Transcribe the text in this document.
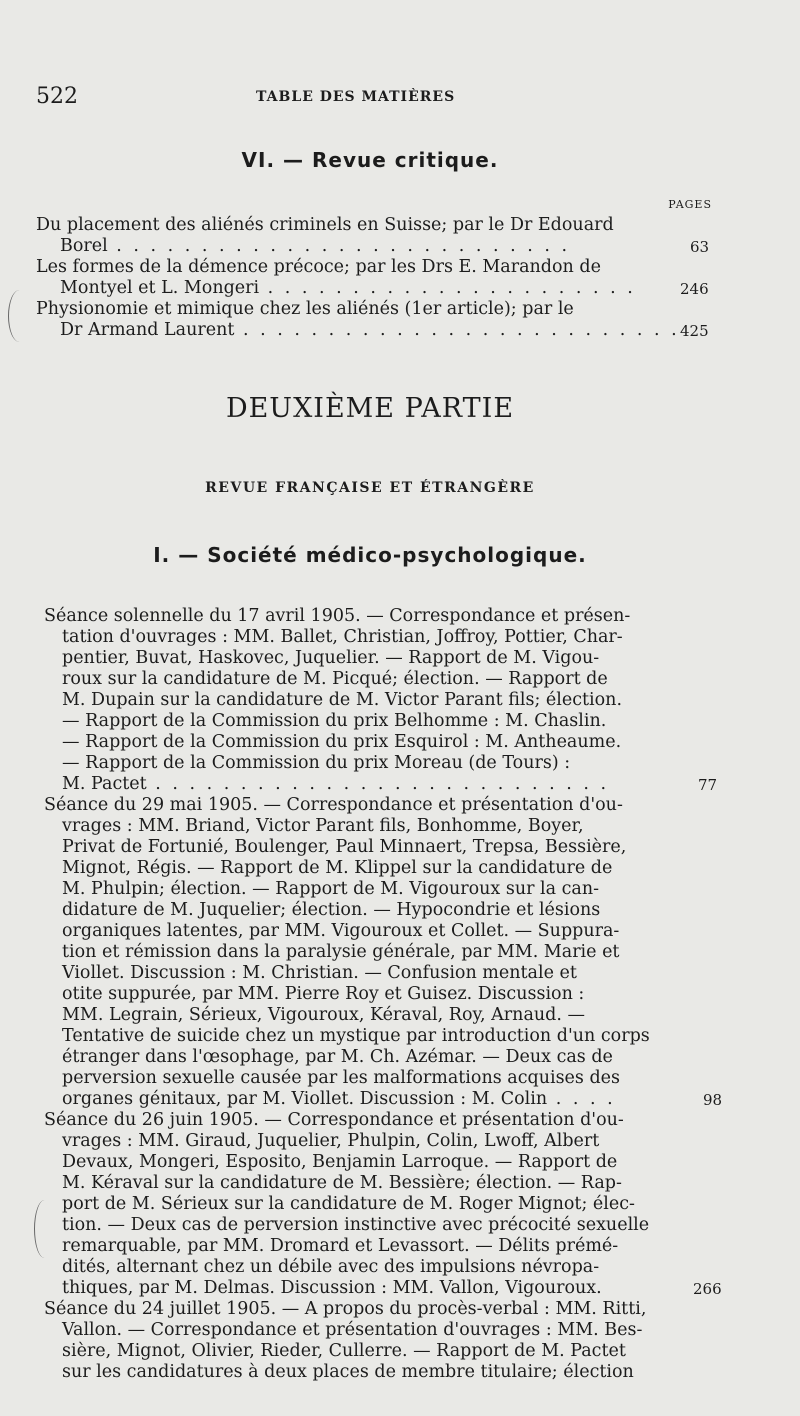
522	TABLE DES MATIÈRES
VI. — Revue critique.
PAGES
Du placement des aliénés criminels en Suisse; par le Dr Edouard
Borel . . . . . . . . . . . . . . . . . . . . . . . . . . .	63
Les formes de la démence précoce; par les Drs E. Marandon de
Montyel et L. Mongeri . . . . . . . . . . . . . . . . . . . . . .	246
Physionomie et mimique chez les aliénés (1er article); par le
Dr Armand Laurent . . . . . . . . . . . . . . . . . . . . . . . . . . 425
DEUXIÈME PARTIE
REVUE FRANÇAISE ET ÉTRANGÈRE
I. — Société médico-psychologique.
Séance solennelle du 17 avril 1905. — Correspondance et présen-
tation d'ouvrages : MM. Ballet, Christian, Joffroy, Pottier, Char-
pentier, Buvat, Haskovec, Juquelier. — Rapport de M. Vigou-
roux sur la candidature de M. Picqué; élection. — Rapport de
M. Dupain sur la candidature de M. Victor Parant fils; élection.
— Rapport de la Commission du prix Belhomme : M. Chaslin.
— Rapport de la Commission du prix Esquirol : M. Antheaume.
— Rapport de la Commission du prix Moreau (de Tours) :
M. Pactet . . . . . . . . . . . . . . . . . . . . . . . . . . .	77
Séance du 29 mai 1905. — Correspondance et présentation d'ou-
vrages : MM. Briand, Victor Parant fils, Bonhomme, Boyer,
Privat de Fortunié, Boulenger, Paul Minnaert, Trepsa, Bessière,
Mignot, Régis. — Rapport de M. Klippel sur la candidature de
M. Phulpin; élection. — Rapport de M. Vigouroux sur la can-
didature de M. Juquelier; élection. — Hypocondrie et lésions
organiques latentes, par MM. Vigouroux et Collet. — Suppura-
tion et rémission dans la paralysie générale, par MM. Marie et
Viollet. Discussion : M. Christian. — Confusion mentale et
otite suppurée, par MM. Pierre Roy et Guisez. Discussion :
MM. Legrain, Sérieux, Vigouroux, Kéraval, Roy, Arnaud. —
Tentative de suicide chez un mystique par introduction d'un corps
étranger dans l'œsophage, par M. Ch. Azémar. — Deux cas de
perversion sexuelle causée par les malformations acquises des
organes génitaux, par M. Viollet. Discussion : M. Colin . . . .	98
Séance du 26 juin 1905. — Correspondance et présentation d'ou-
vrages : MM. Giraud, Juquelier, Phulpin, Colin, Lwoff, Albert
Devaux, Mongeri, Esposito, Benjamin Larroque. — Rapport de
M. Kéraval sur la candidature de M. Bessière; élection. — Rap-
port de M. Sérieux sur la candidature de M. Roger Mignot; élec-
tion. — Deux cas de perversion instinctive avec précocité sexuelle
remarquable, par MM. Dromard et Levassort. — Délits prémé-
dités, alternant chez un débile avec des impulsions névropa-
thiques, par M. Delmas. Discussion : MM. Vallon, Vigouroux.	266
Séance du 24 juillet 1905. — A propos du procès-verbal : MM. Ritti,
Vallon. — Correspondance et présentation d'ouvrages : MM. Bes-
sière, Mignot, Olivier, Rieder, Cullerre. — Rapport de M. Pactet
sur les candidatures à deux places de membre titulaire; élection
